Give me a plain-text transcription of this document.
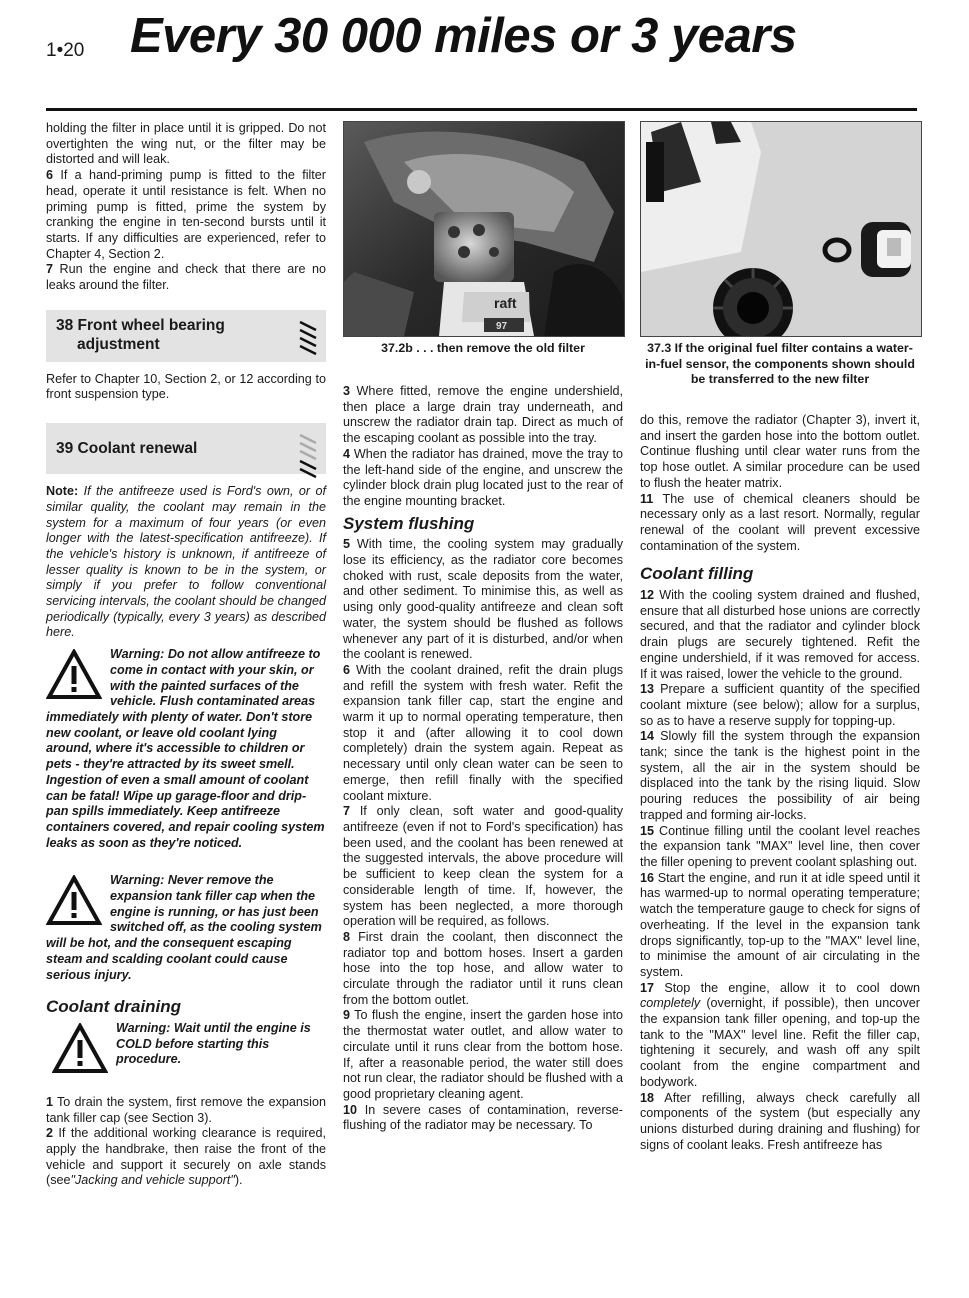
1•20 Every 30 000 miles or 3 years

holding the filter in place until it is gripped. Do not overtighten the wing nut, or the filter may be distorted and will leak.

6 If a hand-priming pump is fitted to the filter head, operate it until resistance is felt. When no priming pump is fitted, prime the system by cranking the engine in ten-second bursts until it starts. If any difficulties are experienced, refer to Chapter 4, Section 2.

7 Run the engine and check that there are no leaks around the filter.

38 Front wheel bearing
adjustment

Refer to Chapter 10, Section 2, or 12 according to front suspension type.

39 Coolant renewal

Note: If the antifreeze used is Ford's own, or of similar quality, the coolant may remain in the system for a maximum of four years (or even longer with the latest-specification antifreeze). If the vehicle's history is unknown, if antifreeze of lesser quality is known to be in the system, or simply if you prefer to follow conventional servicing intervals, the coolant should be changed periodically (typically, every 3 years) as described here.

Warning: Do not allow antifreeze to come in contact with your skin, or with the painted surfaces of the vehicle. Flush contaminated areas immediately with plenty of water. Don't store new coolant, or leave old coolant lying around, where it's accessible to children or pets - they're attracted by its sweet smell. Ingestion of even a small amount of coolant can be fatal! Wipe up garage-floor and drip-pan spills immediately. Keep antifreeze containers covered, and repair cooling system leaks as soon as they're noticed.
Warning: Never remove the expansion tank filler cap when the engine is running, or has just been switched off, as the cooling system will be hot, and the consequent escaping steam and scalding coolant could cause serious injury.
Coolant draining
Warning: Wait until the engine is COLD before starting this procedure.

1 To drain the system, first remove the expansion tank filler cap (see Section 3).

2 If the additional working clearance is required, apply the handbrake, then raise the front of the vehicle and support it securely on axle stands (see"Jacking and vehicle support").

raft
97
37.2b . . . then remove the old filter	37.3 If the original fuel filter contains a water-in-fuel sensor, the components shown should be transferred to the new filter

3 Where fitted, remove the engine undershield, then place a large drain tray underneath, and unscrew the radiator drain tap. Direct as much of the escaping coolant as possible into the tray.

4 When the radiator has drained, move the tray to the left-hand side of the engine, and unscrew the cylinder block drain plug located just to the rear of the engine mounting bracket.

System flushing

5 With time, the cooling system may gradually lose its efficiency, as the radiator core becomes choked with rust, scale deposits from the water, and other sediment. To minimise this, as well as using only good-quality antifreeze and clean soft water, the system should be flushed as follows whenever any part of it is disturbed, and/or when the coolant is renewed.

6 With the coolant drained, refit the drain plugs and refill the system with fresh water. Refit the expansion tank filler cap, start the engine and warm it up to normal operating temperature, then stop it and (after allowing it to cool down completely) drain the system again. Repeat as necessary until only clean water can be seen to emerge, then refill finally with the specified coolant mixture.

7 If only clean, soft water and good-quality antifreeze (even if not to Ford's specification) has been used, and the coolant has been renewed at the suggested intervals, the above procedure will be sufficient to keep clean the system for a considerable length of time. If, however, the system has been neglected, a more thorough operation will be required, as follows.

8 First drain the coolant, then disconnect the radiator top and bottom hoses. Insert a garden hose into the top hose, and allow water to circulate through the radiator until it runs clean from the bottom outlet.

9 To flush the engine, insert the garden hose into the thermostat water outlet, and allow water to circulate until it runs clear from the bottom hose. If, after a reasonable period, the water still does not run clear, the radiator should be flushed with a good proprietary cleaning agent.

10 In severe cases of contamination, reverse-flushing of the radiator may be necessary. To

do this, remove the radiator (Chapter 3), invert it, and insert the garden hose into the bottom outlet. Continue flushing until clear water runs from the top hose outlet. A similar procedure can be used to flush the heater matrix.

11 The use of chemical cleaners should be necessary only as a last resort. Normally, regular renewal of the coolant will prevent excessive contamination of the system.

Coolant filling

12 With the cooling system drained and flushed, ensure that all disturbed hose unions are correctly secured, and that the radiator and cylinder block drain plugs are securely tightened. Refit the engine undershield, if it was removed for access. If it was raised, lower the vehicle to the ground.

13 Prepare a sufficient quantity of the specified coolant mixture (see below); allow for a surplus, so as to have a reserve supply for topping-up.

14 Slowly fill the system through the expansion tank; since the tank is the highest point in the system, all the air in the system should be displaced into the tank by the rising liquid. Slow pouring reduces the possibility of air being trapped and forming air-locks.

15 Continue filling until the coolant level reaches the expansion tank "MAX" level line, then cover the filler opening to prevent coolant splashing out.

16 Start the engine, and run it at idle speed until it has warmed-up to normal operating temperature; watch the temperature gauge to check for signs of overheating. If the level in the expansion tank drops significantly, top-up to the "MAX" level line, to minimise the amount of air circulating in the system.

17 Stop the engine, allow it to cool down completely (overnight, if possible), then uncover the expansion tank filler opening, and top-up the tank to the "MAX" level line. Refit the filler cap, tightening it securely, and wash off any spilt coolant from the engine compartment and bodywork.

18 After refilling, always check carefully all components of the system (but especially any unions disturbed during draining and flushing) for signs of coolant leaks. Fresh antifreeze has
